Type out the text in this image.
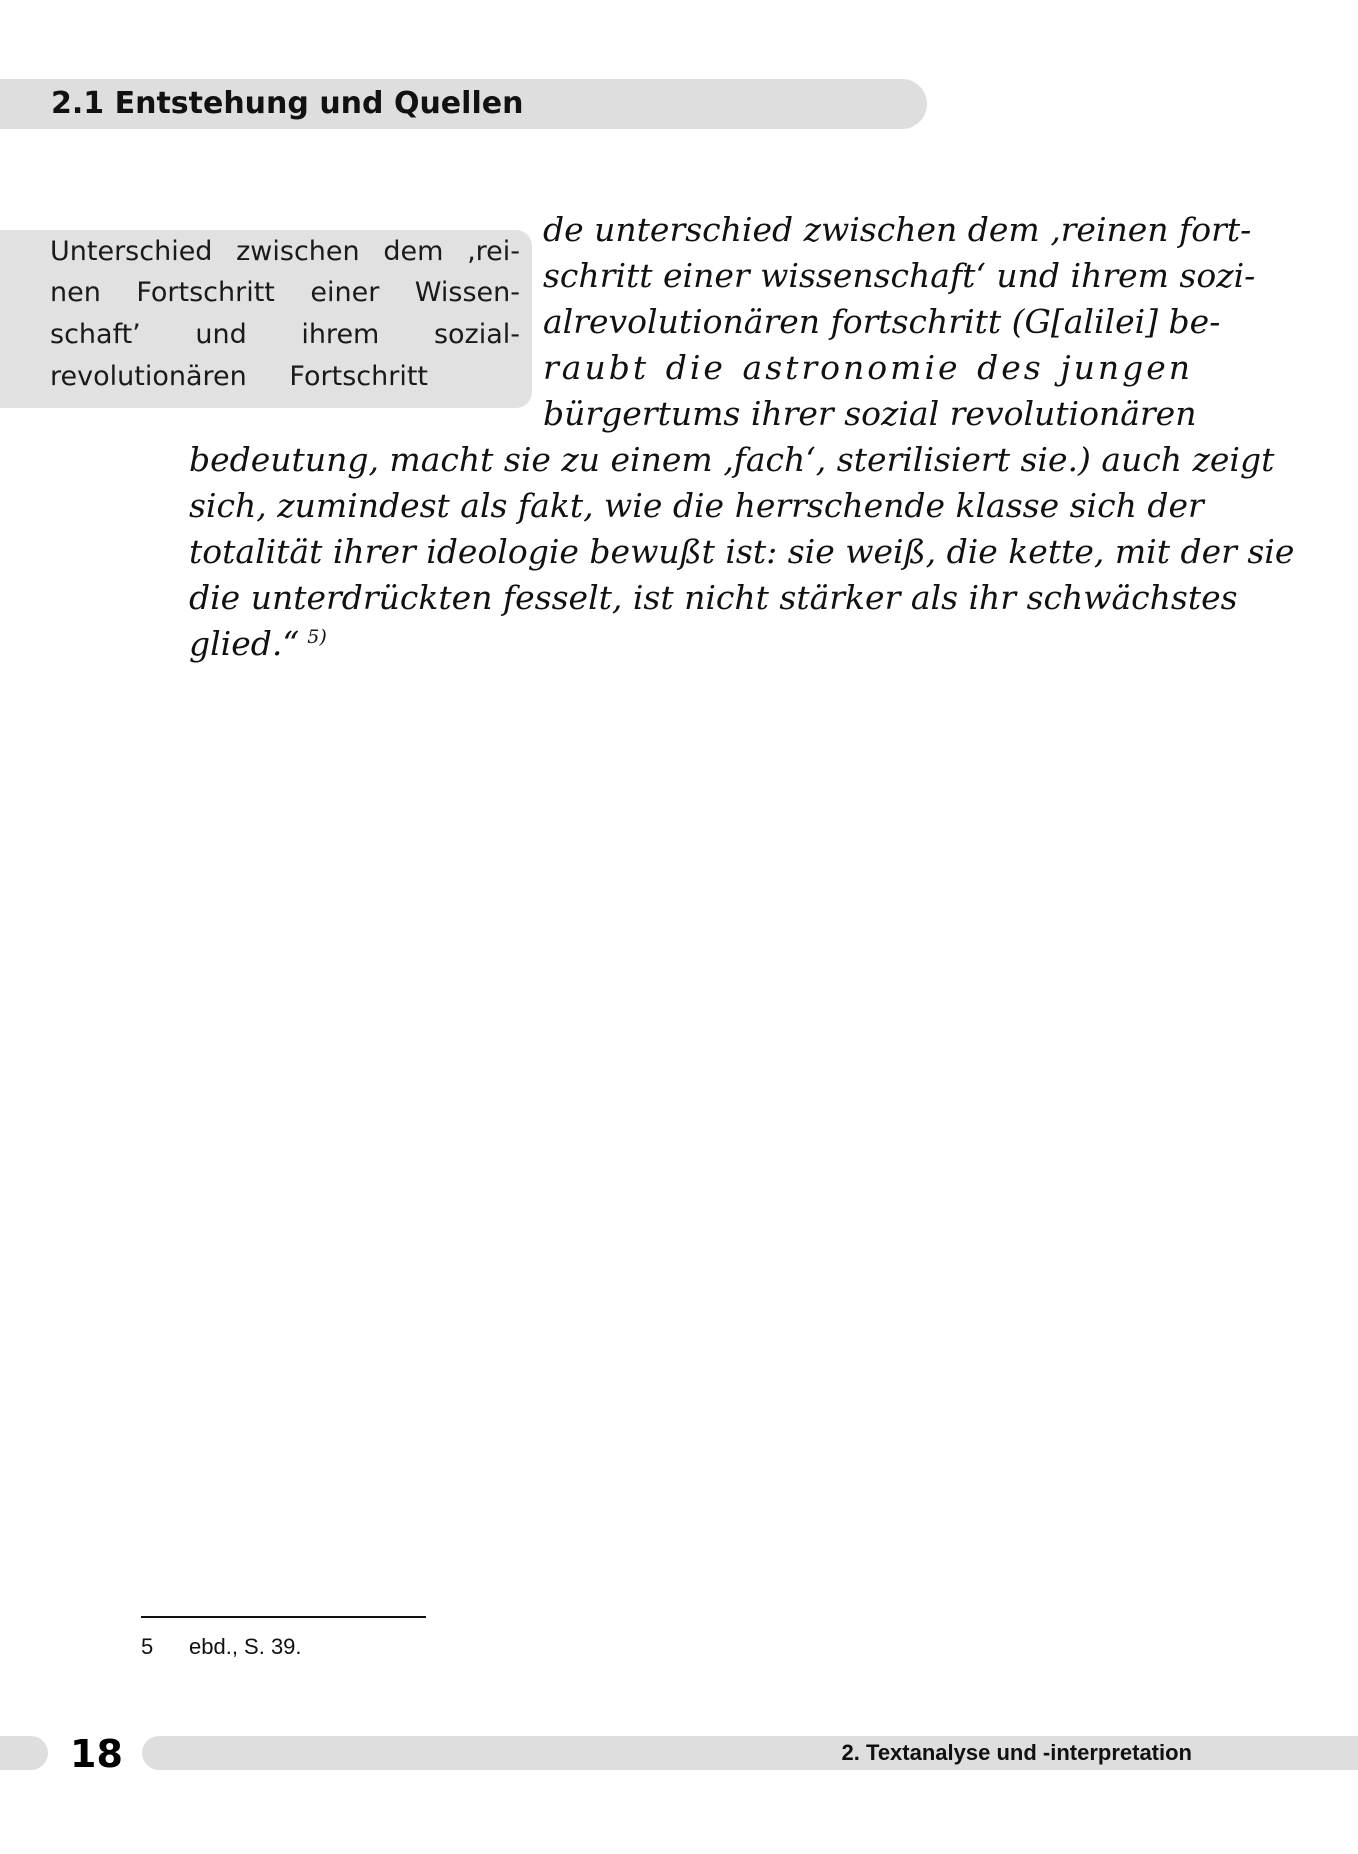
2.1 Entstehung und Quellen
Unterschied zwischen dem ‚rei-
nen Fortschritt einer Wissen-
schaft’ und ihrem sozial-
revolutionären Fortschritt
de unterschied zwischen dem ‚reinen fort-
schritt einer wissenschaft‘ und ihrem sozi-
alrevolutionären fortschritt (G[alilei] be-
raubt die astronomie des jungen
bürgertums ihrer sozial revolutionären
bedeutung, macht sie zu einem ‚fach‘, sterilisiert sie.) auch zeigt
sich, zumindest als fakt, wie die herrschende klasse sich der
totalität ihrer ideologie bewußt ist: sie weiß, die kette, mit der sie
die unterdrückten fesselt, ist nicht stärker als ihr schwächstes
glied.“ $^{5)}$
5 ebd., S. 39.
18	2. Textanalyse und -interpretation
